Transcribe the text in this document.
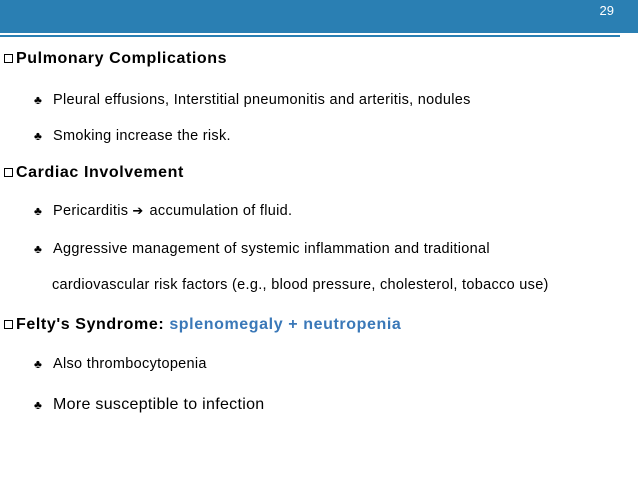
29
Pulmonary Complications
♣ Pleural effusions, Interstitial pneumonitis and arteritis, nodules
♣ Smoking increase the risk.
Cardiac Involvement
♣ Pericarditis ➔ accumulation of fluid.
♣ Aggressive management of systemic inflammation and traditional
cardiovascular risk factors (e.g., blood pressure, cholesterol, tobacco use)
Felty's Syndrome: splenomegaly + neutropenia
♣ Also thrombocytopenia
♣ More susceptible to infection
